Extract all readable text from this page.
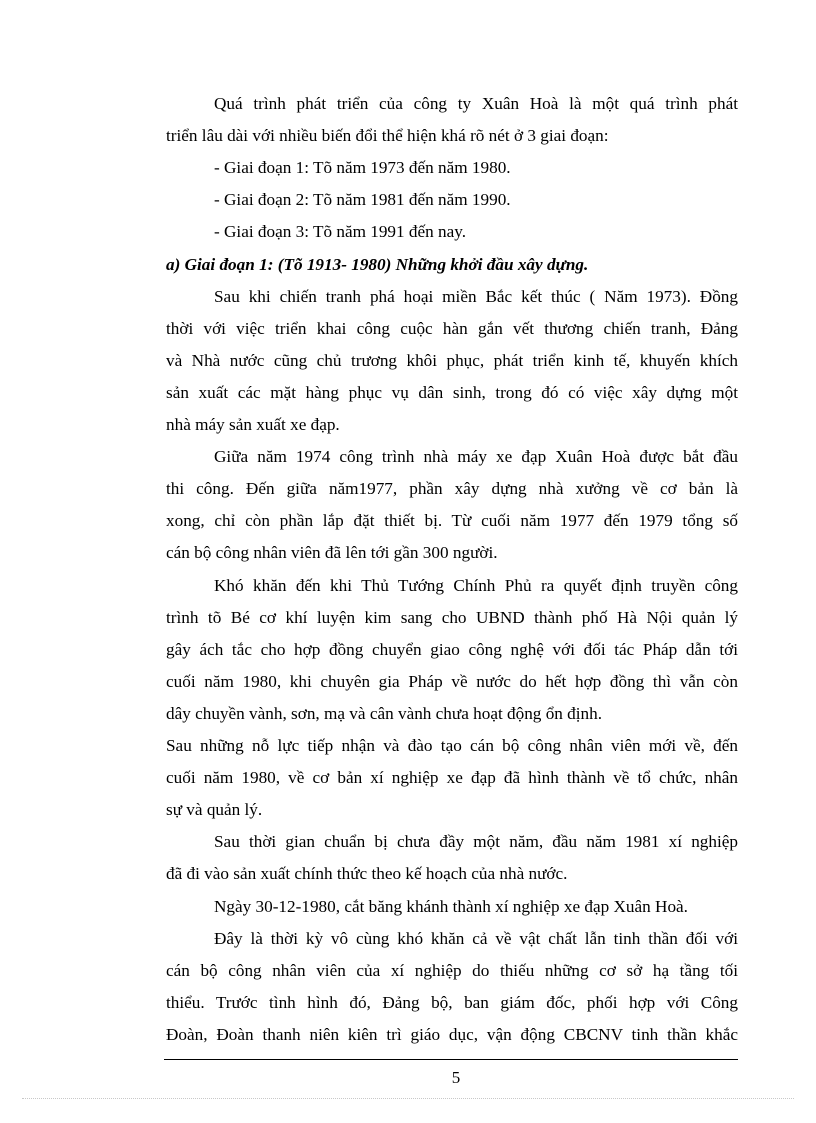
Quá trình phát triển của công ty Xuân Hoà là một quá trình phát
triển lâu dài với nhiều biến đổi thể hiện khá rõ nét ở 3 giai đoạn:
- Giai đoạn 1: Tõ năm 1973 đến năm 1980.
- Giai đoạn 2: Tõ năm 1981 đến năm 1990.
- Giai đoạn 3: Tõ năm 1991 đến nay.
a) Giai đoạn 1: (Tõ 1913- 1980) Những khởi đầu xây dựng.
Sau khi chiến tranh phá hoại miền Bắc kết thúc ( Năm 1973). Đồng
thời với việc triển khai công cuộc hàn gắn vết thương chiến tranh, Đảng
và Nhà nước cũng chủ trương khôi phục, phát triển kinh tế, khuyến khích
sản xuất các mặt hàng phục vụ dân sinh, trong đó có việc xây dựng một
nhà máy sản xuất xe đạp.
Giữa năm 1974 công trình nhà máy xe đạp Xuân Hoà được bắt đầu
thi công. Đến giữa năm1977, phần xây dựng nhà xưởng về cơ bản là
xong, chỉ còn phần lắp đặt thiết bị. Từ cuối năm 1977 đến 1979 tổng số
cán bộ công nhân viên đã lên tới gần 300 người.
Khó khăn đến khi Thủ Tướng Chính Phủ ra quyết định truyền công
trình tõ Bé cơ khí luyện kim sang cho UBND thành phố Hà Nội quản lý
gây ách tắc cho hợp đồng chuyển giao công nghệ với đối tác Pháp dẫn tới
cuối năm 1980, khi chuyên gia Pháp về nước do hết hợp đồng thì vẫn còn
dây chuyền vành, sơn, mạ và cân vành chưa hoạt động ổn định.
Sau những nỗ lực tiếp nhận và đào tạo cán bộ công nhân viên mới về, đến
cuối năm 1980, về cơ bản xí nghiệp xe đạp đã hình thành về tổ chức, nhân
sự và quản lý.
Sau thời gian chuẩn bị chưa đầy một năm, đầu năm 1981 xí nghiệp
đã đi vào sản xuất chính thức theo kế hoạch của nhà nước.
Ngày 30-12-1980, cắt băng khánh thành xí nghiệp xe đạp Xuân Hoà.
Đây là thời kỳ vô cùng khó khăn cả về vật chất lẫn tinh thần đối với
cán bộ công nhân viên của xí nghiệp do thiếu những cơ sở hạ tầng tối
thiểu. Trước tình hình đó, Đảng bộ, ban giám đốc, phối hợp với Công
Đoàn, Đoàn thanh niên kiên trì giáo dục, vận động CBCNV tinh thần khắc
5
